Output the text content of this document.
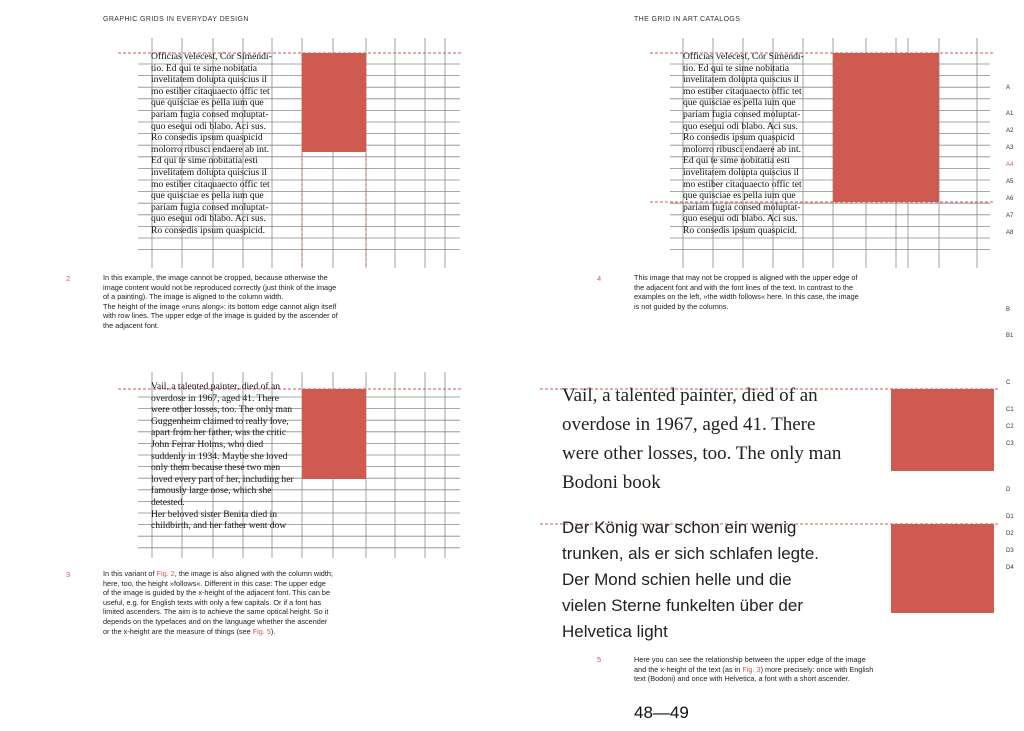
GRAPHIC GRIDS IN EVERYDAY DESIGN	THE GRID IN ART CATALOGS
Officias velecest, Cor Simendi-
tio. Ed qui te sime nobitatia
invelitatem dolupta quiscius il
mo estiber citaquaecto offic tet
que quisciae es pella ium que
pariam fugia consed moluptat-
quo esequi odi blabo. Aci sus.
Ro consedis ipsum quaspicid
molorro ribusci endaere ab int.
Ed qui te sime nobitatia esti
invelitatem dolupta quiscius il
mo estiber citaquaecto offic tet
que quisciae es pella ium que
pariam fugia consed moluptat-
quo esequi odi blabo. Aci sus.
Ro consedis ipsum quaspicid.
2	In this example, the image cannot be cropped, because otherwise the
image content would not be reproduced correctly (just think of the image
of a painting). The image is aligned to the column width.
The height of the image «runs along»: its bottom edge cannot align itself
with row lines. The upper edge of the image is guided by the ascender of
the adjacent font.
Vail, a talented painter, died of an
overdose in 1967, aged 41. There
were other losses, too. The only man
Guggenheim claimed to really love,
apart from her father, was the critic
John Ferrar Holms, who died
suddenly in 1934. Maybe she loved
only them because these two men
loved every part of her, including her
famously large nose, which she
detested.
Her beloved sister Benita died in
childbirth, and her father went dow
3	In this variant of Fig. 2, the image is also aligned with the column width;
here, too, the height »follows«. Different in this case: The upper edge
of the image is guided by the x-height of the adjacent font. This can be
useful, e.g. for English texts with only a few capitals. Or if a font has
limited ascenders. The aim is to achieve the same optical height. So it
depends on the typefaces and on the language whether the ascender
or the x-height are the measure of things (see Fig. 5).
Officias velecest, Cor Simendi-
tio. Ed qui te sime nobitatia
invelitatem dolupta quiscius il
mo estiber citaquaecto offic tet
que quisciae es pella ium que
pariam fugia consed moluptat-
quo esequi odi blabo. Aci sus.
Ro consedis ipsum quaspicid
molorro ribusci endaere ab int.
Ed qui te sime nobitatia esti
invelitatem dolupta quiscius il
mo estiber citaquaecto offic tet
que quisciae es pella ium que
pariam fugia consed moluptat-
quo esequi odi blabo. Aci sus.
Ro consedis ipsum quaspicid.
4	This image that may not be cropped is aligned with the upper edge of
the adjacent font and with the font lines of the text. In contrast to the
examples on the left, »the width follows« here. In this case, the image
is not guided by the columns.
Vail, a talented painter, died of an
overdose in 1967, aged 41. There
were other losses, too. The only man
Bodoni book
Der König war schon ein wenig
trunken, als er sich schlafen legte.
Der Mond schien helle und die
vielen Sterne funkelten über der
Helvetica light
5	Here you can see the relationship between the upper edge of the image
and the x-height of the text (as in Fig. 3) more precisely: once with English
text (Bodoni) and once with Helvetica, a font with a short ascender.
A
A1
A2
A3
A4
A5
A6
A7
A8
B
B1
C
C1
C2
C3
D
D1
D2
D3
D4
48—49
